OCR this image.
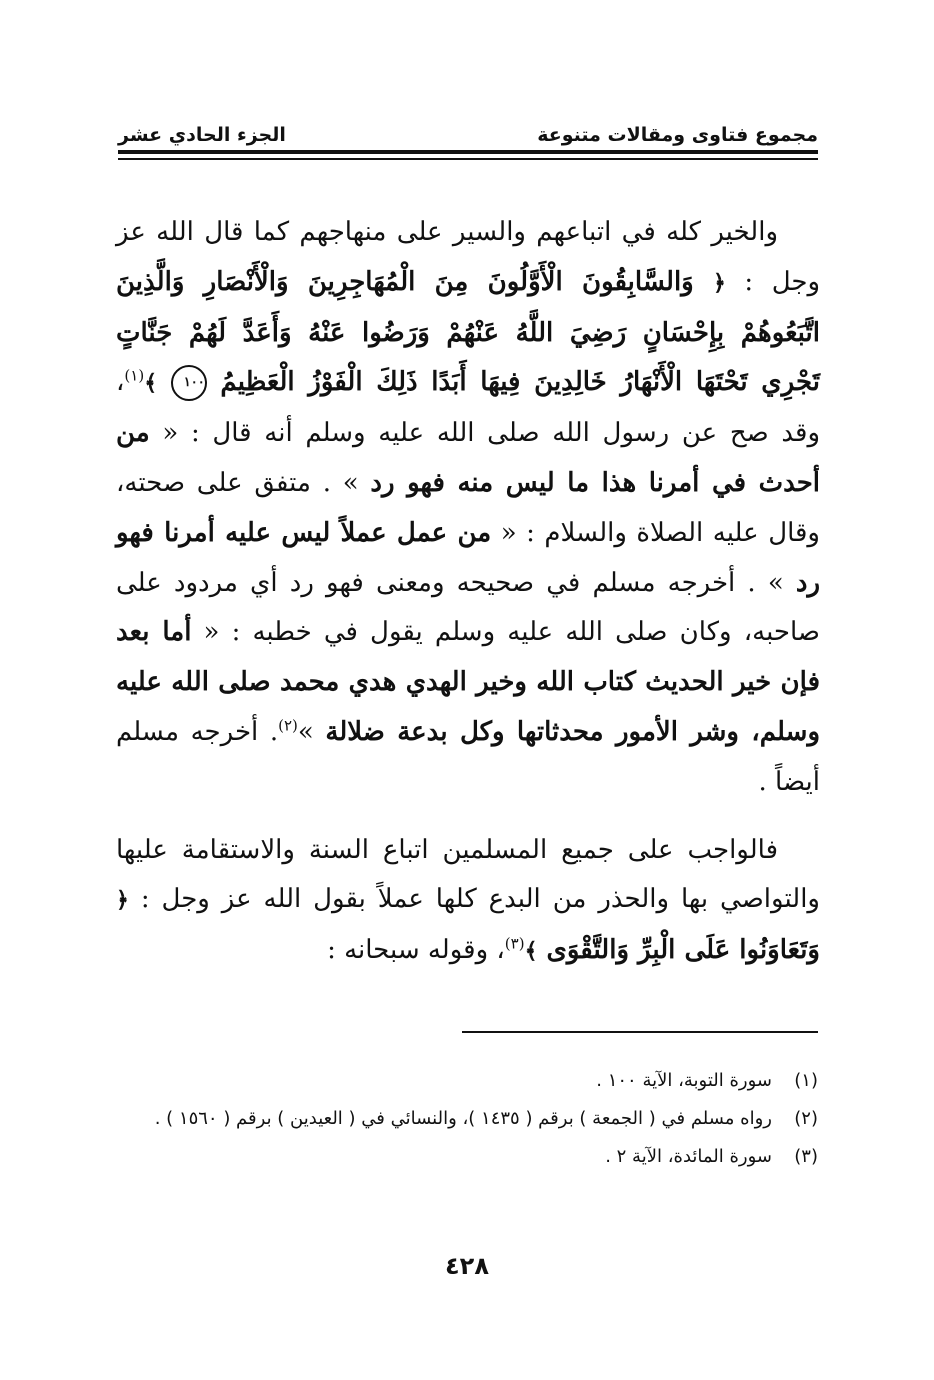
مجموع فتاوى ومقالات متنوعة
الجزء الحادي عشر

والخير كله في اتباعهم والسير على منهاجهم كما قال الله عز وجل : ﴿ وَالسَّابِقُونَ الْأَوَّلُونَ مِنَ الْمُهَاجِرِينَ وَالْأَنْصَارِ وَالَّذِينَ اتَّبَعُوهُمْ بِإِحْسَانٍ رَضِيَ اللَّهُ عَنْهُمْ وَرَضُوا عَنْهُ وَأَعَدَّ لَهُمْ جَنَّاتٍ تَجْرِي تَحْتَهَا الْأَنْهَارُ خَالِدِينَ فِيهَا أَبَدًا ذَلِكَ الْفَوْزُ الْعَظِيمُ ١٠٠ ﴾$^{(١)}$، وقد صح عن رسول الله صلى الله عليه وسلم أنه قال : « من أحدث في أمرنا هذا ما ليس منه فهو رد » . متفق على صحته، وقال عليه الصلاة والسلام : « من عمل عملاً ليس عليه أمرنا فهو رد » . أخرجه مسلم في صحيحه ومعنى فهو رد أي مردود على صاحبه، وكان صلى الله عليه وسلم يقول في خطبه : « أما بعد فإن خير الحديث كتاب الله وخير الهدي هدي محمد صلى الله عليه وسلم، وشر الأمور محدثاتها وكل بدعة ضلالة »$^{(٢)}$. أخرجه مسلم أيضاً .

فالواجب على جميع المسلمين اتباع السنة والاستقامة عليها والتواصي بها والحذر من البدع كلها عملاً بقول الله عز وجل : ﴿ وَتَعَاوَنُوا عَلَى الْبِرِّ وَالتَّقْوَى ﴾$^{(٣)}$، وقوله سبحانه :

(١)
سورة التوبة، الآية ١٠٠ .
(٢)
رواه مسلم في ( الجمعة ) برقم ( ١٤٣٥ )، والنسائي في ( العيدين ) برقم ( ١٥٦٠ ) .
(٣)
سورة المائدة، الآية ٢ .
٤٢٨
